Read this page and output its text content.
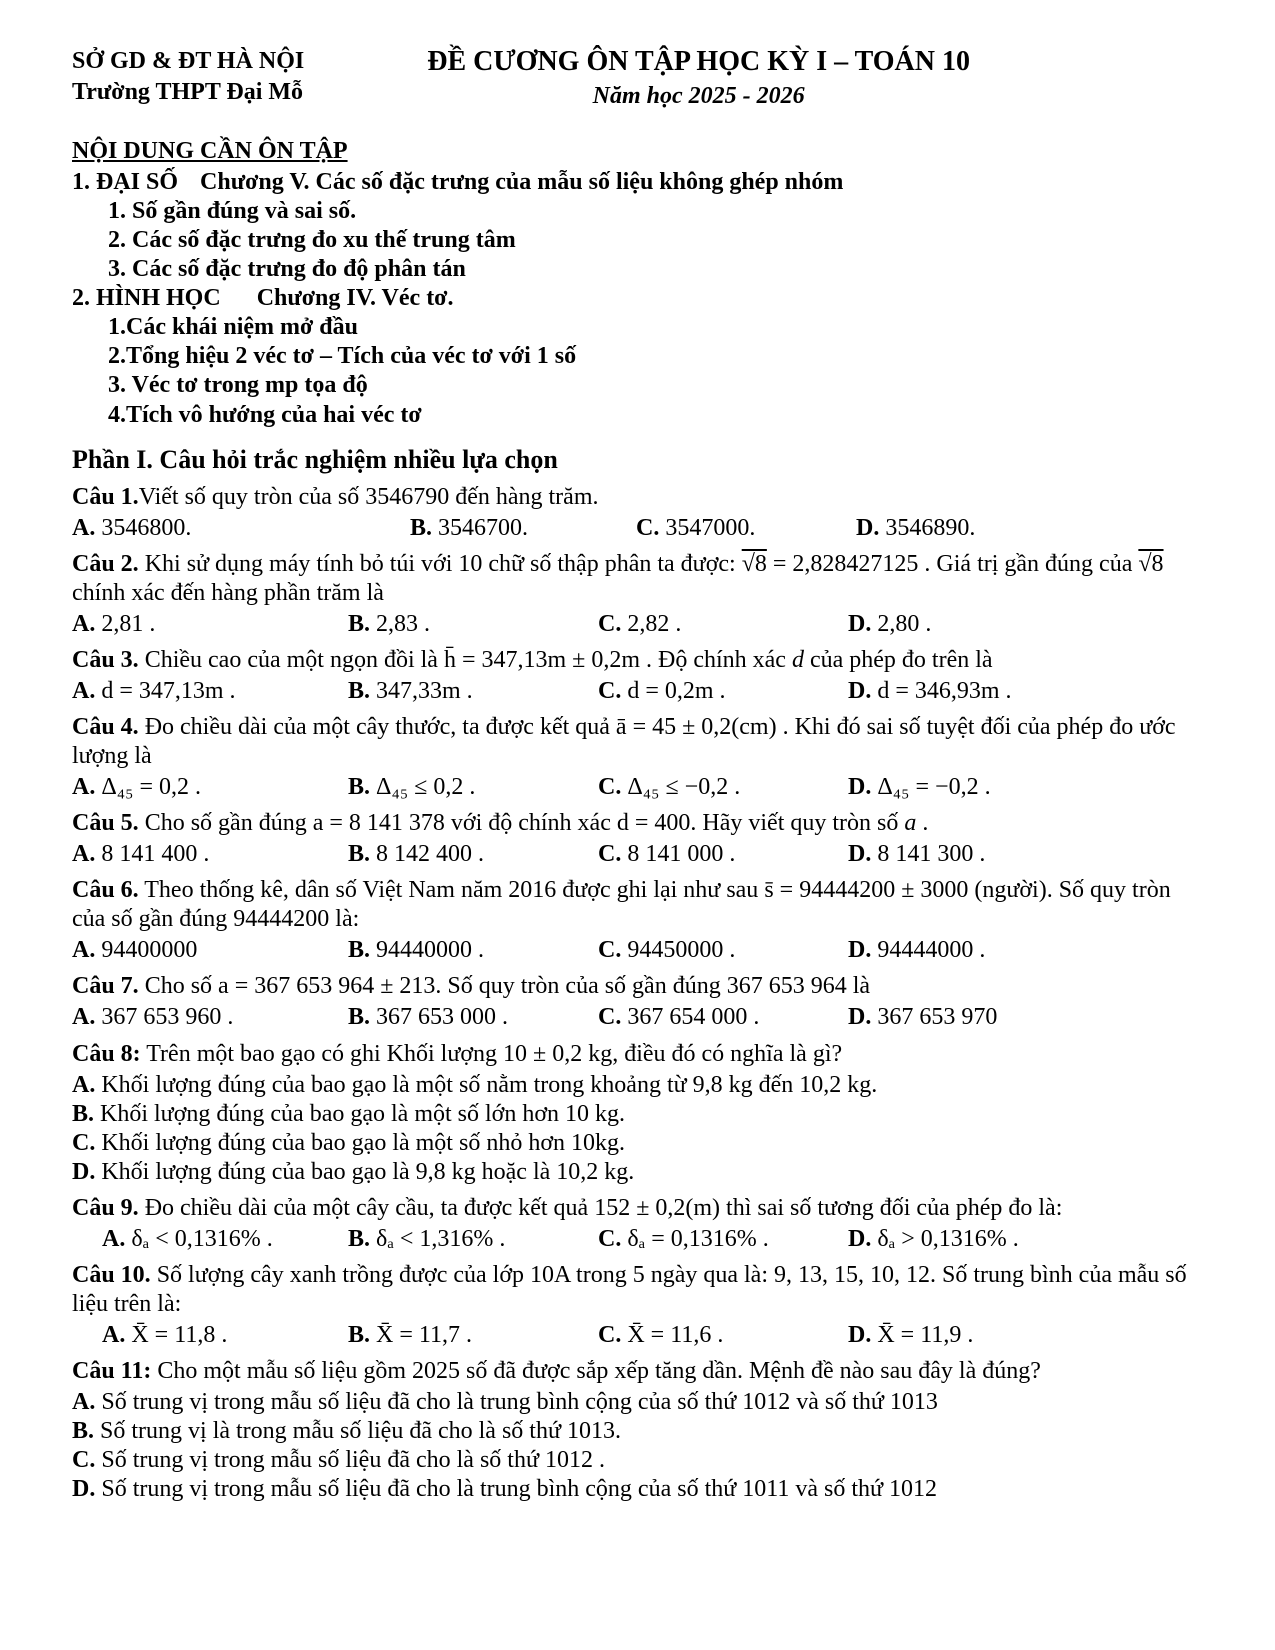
SỞ GD & ĐT HÀ NỘI
Trường THPT Đại Mỗ
ĐỀ CƯƠNG ÔN TẬP HỌC KỲ I – TOÁN 10
Năm học 2025 - 2026
NỘI DUNG CẦN ÔN TẬP
1. ĐẠI SỐ Chương V. Các số đặc trưng của mẫu số liệu không ghép nhóm
1. Số gần đúng và sai số.
2. Các số đặc trưng đo xu thế trung tâm
3. Các số đặc trưng đo độ phân tán
2. HÌNH HỌC Chương IV. Véc tơ.
1.Các khái niệm mở đầu
2.Tổng hiệu 2 véc tơ – Tích của véc tơ với 1 số
3. Véc tơ trong mp tọa độ
4.Tích vô hướng của hai véc tơ
Phần I. Câu hỏi trắc nghiệm nhiều lựa chọn

Câu 1.Viết số quy tròn của số 3546790 đến hàng trăm.

A. 3546800.	B. 3546700.	C. 3547000.	D. 3546890.

Câu 2. Khi sử dụng máy tính bỏ túi với 10 chữ số thập phân ta được: √8 = 2,828427125 . Giá trị gần đúng của √8 chính xác đến hàng phần trăm là

A. 2,81 .	B. 2,83 .	C. 2,82 .	D. 2,80 .

Câu 3. Chiều cao của một ngọn đồi là h̄ = 347,13m ± 0,2m . Độ chính xác d của phép đo trên là

A. d = 347,13m .	B. 347,33m .	C. d = 0,2m .	D. d = 346,93m .

Câu 4. Đo chiều dài của một cây thước, ta được kết quả ā = 45 ± 0,2(cm) . Khi đó sai số tuyệt đối của phép đo ước lượng là

A. Δ₄₅ = 0,2 .	B. Δ₄₅ ≤ 0,2 .	C. Δ₄₅ ≤ −0,2 .	D. Δ₄₅ = −0,2 .

Câu 5. Cho số gần đúng a = 8 141 378 với độ chính xác d = 400. Hãy viết quy tròn số a .

A. 8 141 400 .	B. 8 142 400 .	C. 8 141 000 .	D. 8 141 300 .

Câu 6. Theo thống kê, dân số Việt Nam năm 2016 được ghi lại như sau s̄ = 94444200 ± 3000 (người). Số quy tròn của số gần đúng 94444200 là:

A. 94400000	B. 94440000 .	C. 94450000 .	D. 94444000 .

Câu 7. Cho số a = 367 653 964 ± 213. Số quy tròn của số gần đúng 367 653 964 là

A. 367 653 960 .	B. 367 653 000 .	C. 367 654 000 .	D. 367 653 970

Câu 8: Trên một bao gạo có ghi Khối lượng 10 ± 0,2 kg, điều đó có nghĩa là gì?

A. Khối lượng đúng của bao gạo là một số nằm trong khoảng từ 9,8 kg đến 10,2 kg.
B. Khối lượng đúng của bao gạo là một số lớn hơn 10 kg.
C. Khối lượng đúng của bao gạo là một số nhỏ hơn 10kg.
D. Khối lượng đúng của bao gạo là 9,8 kg hoặc là 10,2 kg.

Câu 9. Đo chiều dài của một cây cầu, ta được kết quả 152 ± 0,2(m) thì sai số tương đối của phép đo là:

A. δₐ < 0,1316% .	B. δₐ < 1,316% .	C. δₐ = 0,1316% .	D. δₐ > 0,1316% .

Câu 10. Số lượng cây xanh trồng được của lớp 10A trong 5 ngày qua là: 9, 13, 15, 10, 12. Số trung bình của mẫu số liệu trên là:

A. X̄ = 11,8 .	B. X̄ = 11,7 .	C. X̄ = 11,6 .	D. X̄ = 11,9 .

Câu 11: Cho một mẫu số liệu gồm 2025 số đã được sắp xếp tăng dần. Mệnh đề nào sau đây là đúng?

A. Số trung vị trong mẫu số liệu đã cho là trung bình cộng của số thứ 1012 và số thứ 1013
B. Số trung vị là trong mẫu số liệu đã cho là số thứ 1013.
C. Số trung vị trong mẫu số liệu đã cho là số thứ 1012 .
D. Số trung vị trong mẫu số liệu đã cho là trung bình cộng của số thứ 1011 và số thứ 1012
